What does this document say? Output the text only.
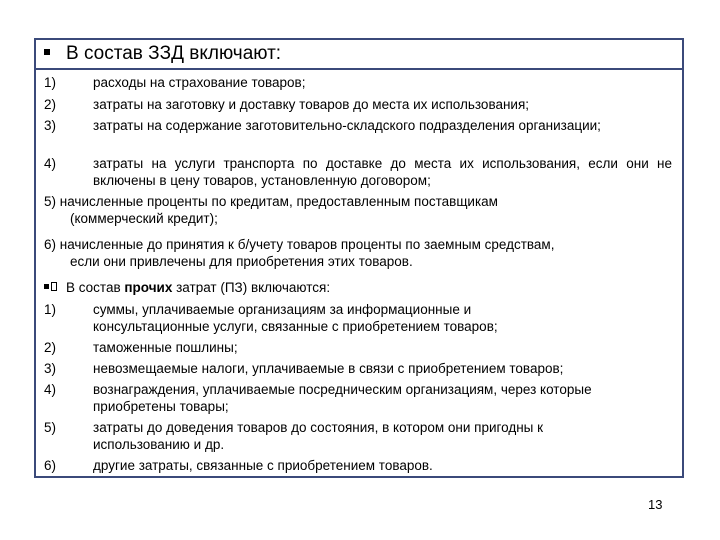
В состав ЗЗД включают:
1)	расходы на страхование товаров;
2)	затраты на заготовку и доставку товаров до места их использования;
3)	затраты на содержание заготовительно-складского подразделения организации;
4)	затраты на услуги транспорта по доставке до места их использования, если они не включены в цену товаров, установленную договором;
5) начисленные проценты по кредитам, предоставленным поставщикам
(коммерческий кредит);
6) начисленные до принятия к б/учету товаров проценты по заемным средствам,
если они привлечены для приобретения этих товаров.
В состав прочих затрат (ПЗ) включаются:
1)	суммы, уплачиваемые организациям за информационные и консультационные услуги, связанные с приобретением товаров;
2)	таможенные пошлины;
3)	невозмещаемые налоги, уплачиваемые в связи с приобретением товаров;
4)	вознаграждения, уплачиваемые посредническим организациям, через которые приобретены товары;
5)	затраты до доведения товаров до состояния, в котором они пригодны к использованию и др.
6)	другие затраты, связанные с приобретением товаров.
13
